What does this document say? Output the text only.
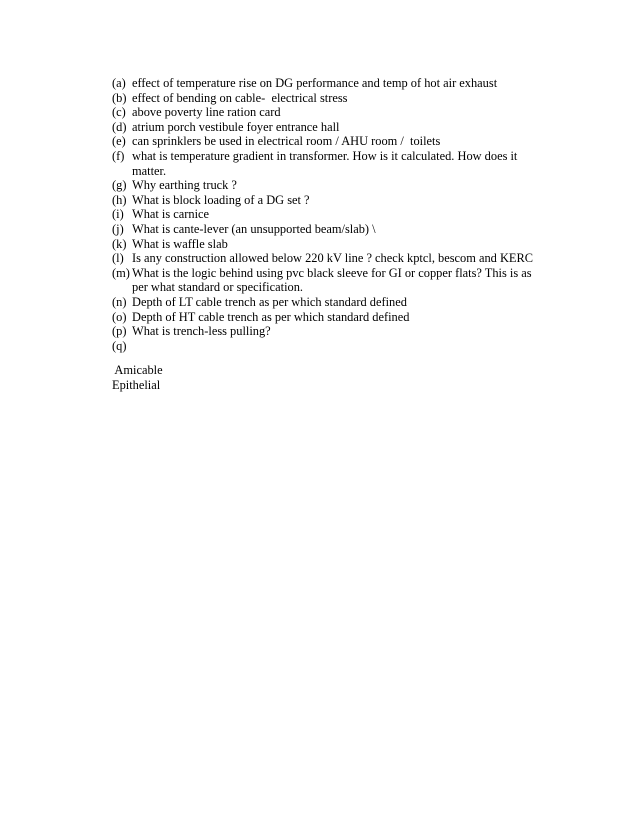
(a) effect of temperature rise on DG performance and temp of hot air exhaust
(b) effect of bending on cable-  electrical stress
(c) above poverty line ration card
(d) atrium porch vestibule foyer entrance hall
(e) can sprinklers be used in electrical room / AHU room /  toilets
(f) what is temperature gradient in transformer. How is it calculated. How does it matter.
(g) Why earthing truck ?
(h) What is block loading of a DG set ?
(i) What is carnice
(j) What is cante-lever (an unsupported beam/slab) \
(k) What is waffle slab
(l) Is any construction allowed below 220 kV line ? check kptcl, bescom and KERC
(m) What is the logic behind using pvc black sleeve for GI or copper flats? This is as per what standard or specification.
(n) Depth of LT cable trench as per which standard defined
(o) Depth of HT cable trench as per which standard defined
(p) What is trench-less pulling?
(q)
Amicable
Epithelial
